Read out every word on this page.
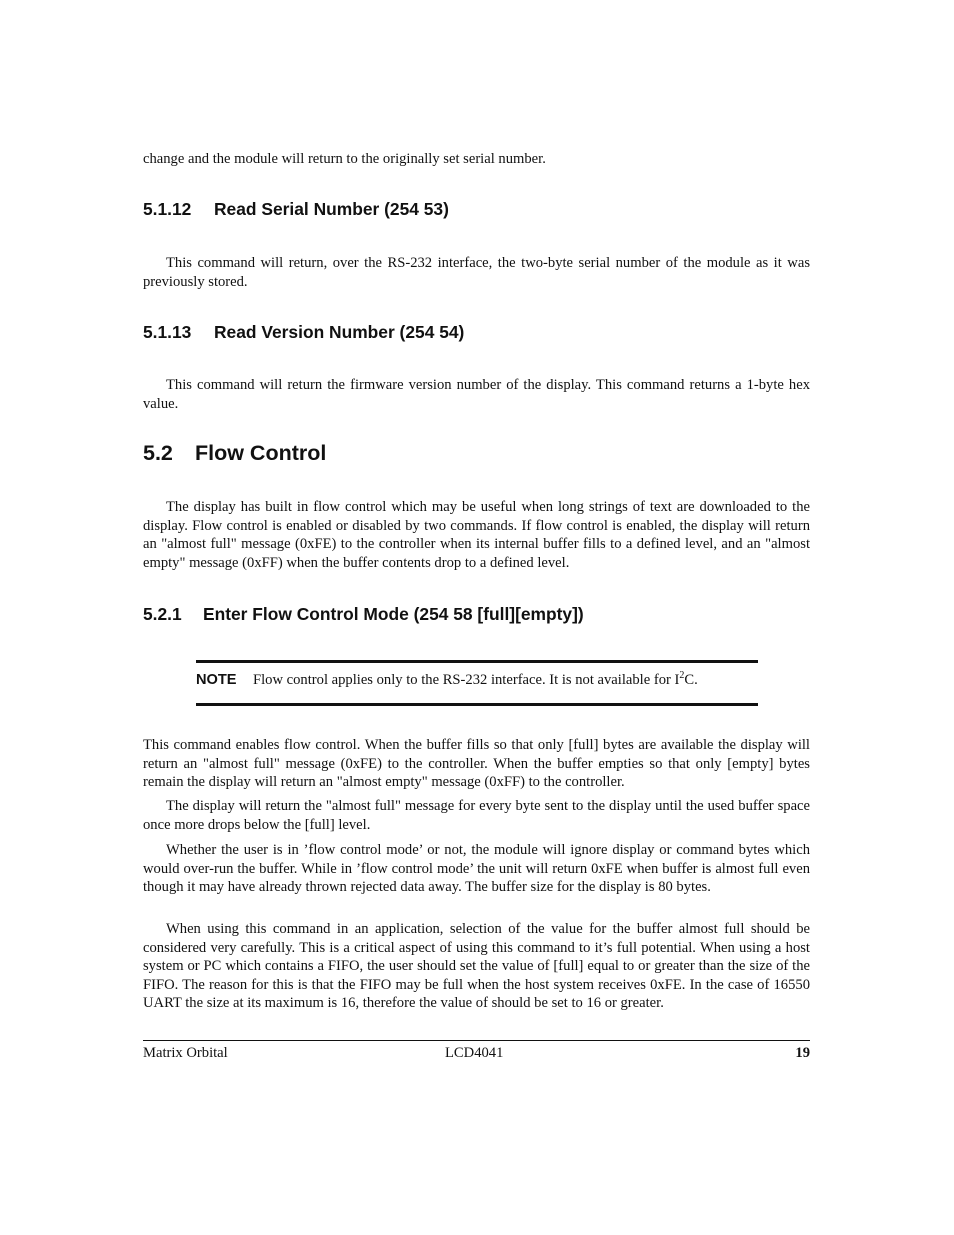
change and the module will return to the originally set serial number.

5.1.12 Read Serial Number (254 53)

This command will return, over the RS-232 interface, the two-byte serial number of the module as it was previously stored.

5.1.13 Read Version Number (254 54)

This command will return the firmware version number of the display. This command returns a 1-byte hex value.

5.2 Flow Control

The display has built in flow control which may be useful when long strings of text are downloaded to the display. Flow control is enabled or disabled by two commands. If flow control is enabled, the display will return an "almost full" message (0xFE) to the controller when its internal buffer fills to a defined level, and an "almost empty" message (0xFF) when the buffer contents drop to a defined level.

5.2.1 Enter Flow Control Mode (254 58 [full][empty])
NOTE Flow control applies only to the RS-232 interface. It is not available for $I^2C$.

This command enables flow control. When the buffer fills so that only [full] bytes are available the display will return an "almost full" message (0xFE) to the controller. When the buffer empties so that only [empty] bytes remain the display will return an "almost empty" message (0xFF) to the controller.

The display will return the "almost full" message for every byte sent to the display until the used buffer space once more drops below the [full] level.

Whether the user is in ’flow control mode’ or not, the module will ignore display or command bytes which would over-run the buffer. While in ’flow control mode’ the unit will return 0xFE when buffer is almost full even though it may have already thrown rejected data away. The buffer size for the display is 80 bytes.

When using this command in an application, selection of the value for the buffer almost full should be considered very carefully. This is a critical aspect of using this command to it’s full potential. When using a host system or PC which contains a FIFO, the user should set the value of [full] equal to or greater than the size of the FIFO. The reason for this is that the FIFO may be full when the host system receives 0xFE. In the case of 16550 UART the size at its maximum is 16, therefore the value of should be set to 16 or greater.

Matrix Orbital	LCD4041	19
